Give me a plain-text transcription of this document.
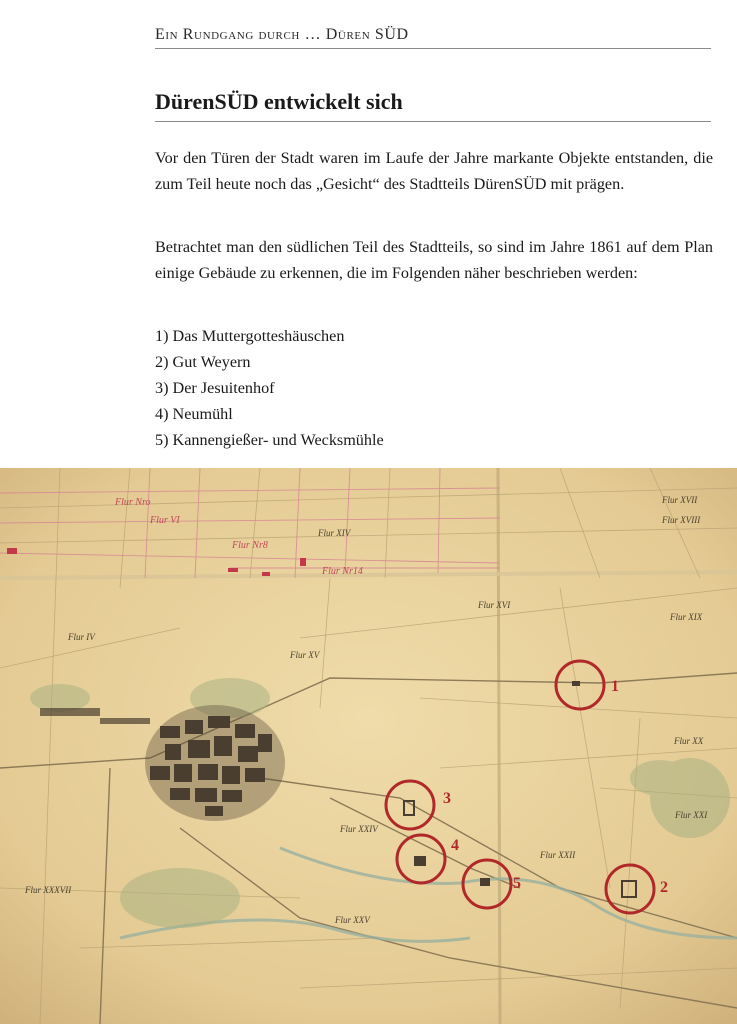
Ein Rundgang durch … Düren SÜD
DürenSÜD entwickelt sich

Vor den Türen der Stadt waren im Laufe der Jahre markante Objekte entstanden, die zum Teil heute noch das „Gesicht“ des Stadtteils DürenSÜD mit prägen.

Betrachtet man den südlichen Teil des Stadtteils, so sind im Jahre 1861 auf dem Plan einige Gebäude zu erkennen, die im Folgenden näher beschrieben werden:

1) Das Muttergotteshäuschen
2) Gut Weyern
3) Der Jesuitenhof
4) Neumühl
5) Kannengießer- und Wecksmühle
Flur XVII
Flur XVIII
Flur XIV
Flur XVI
Flur IV
Flur XV
Flur XIX
Flur XX
Flur XXI
Flur XXII
Flur XXIV
Flur XXV
Flur XXXVII
Flur Nro
Flur VI
Flur Nr8
Flur Nr14
1
2
3
4
5
